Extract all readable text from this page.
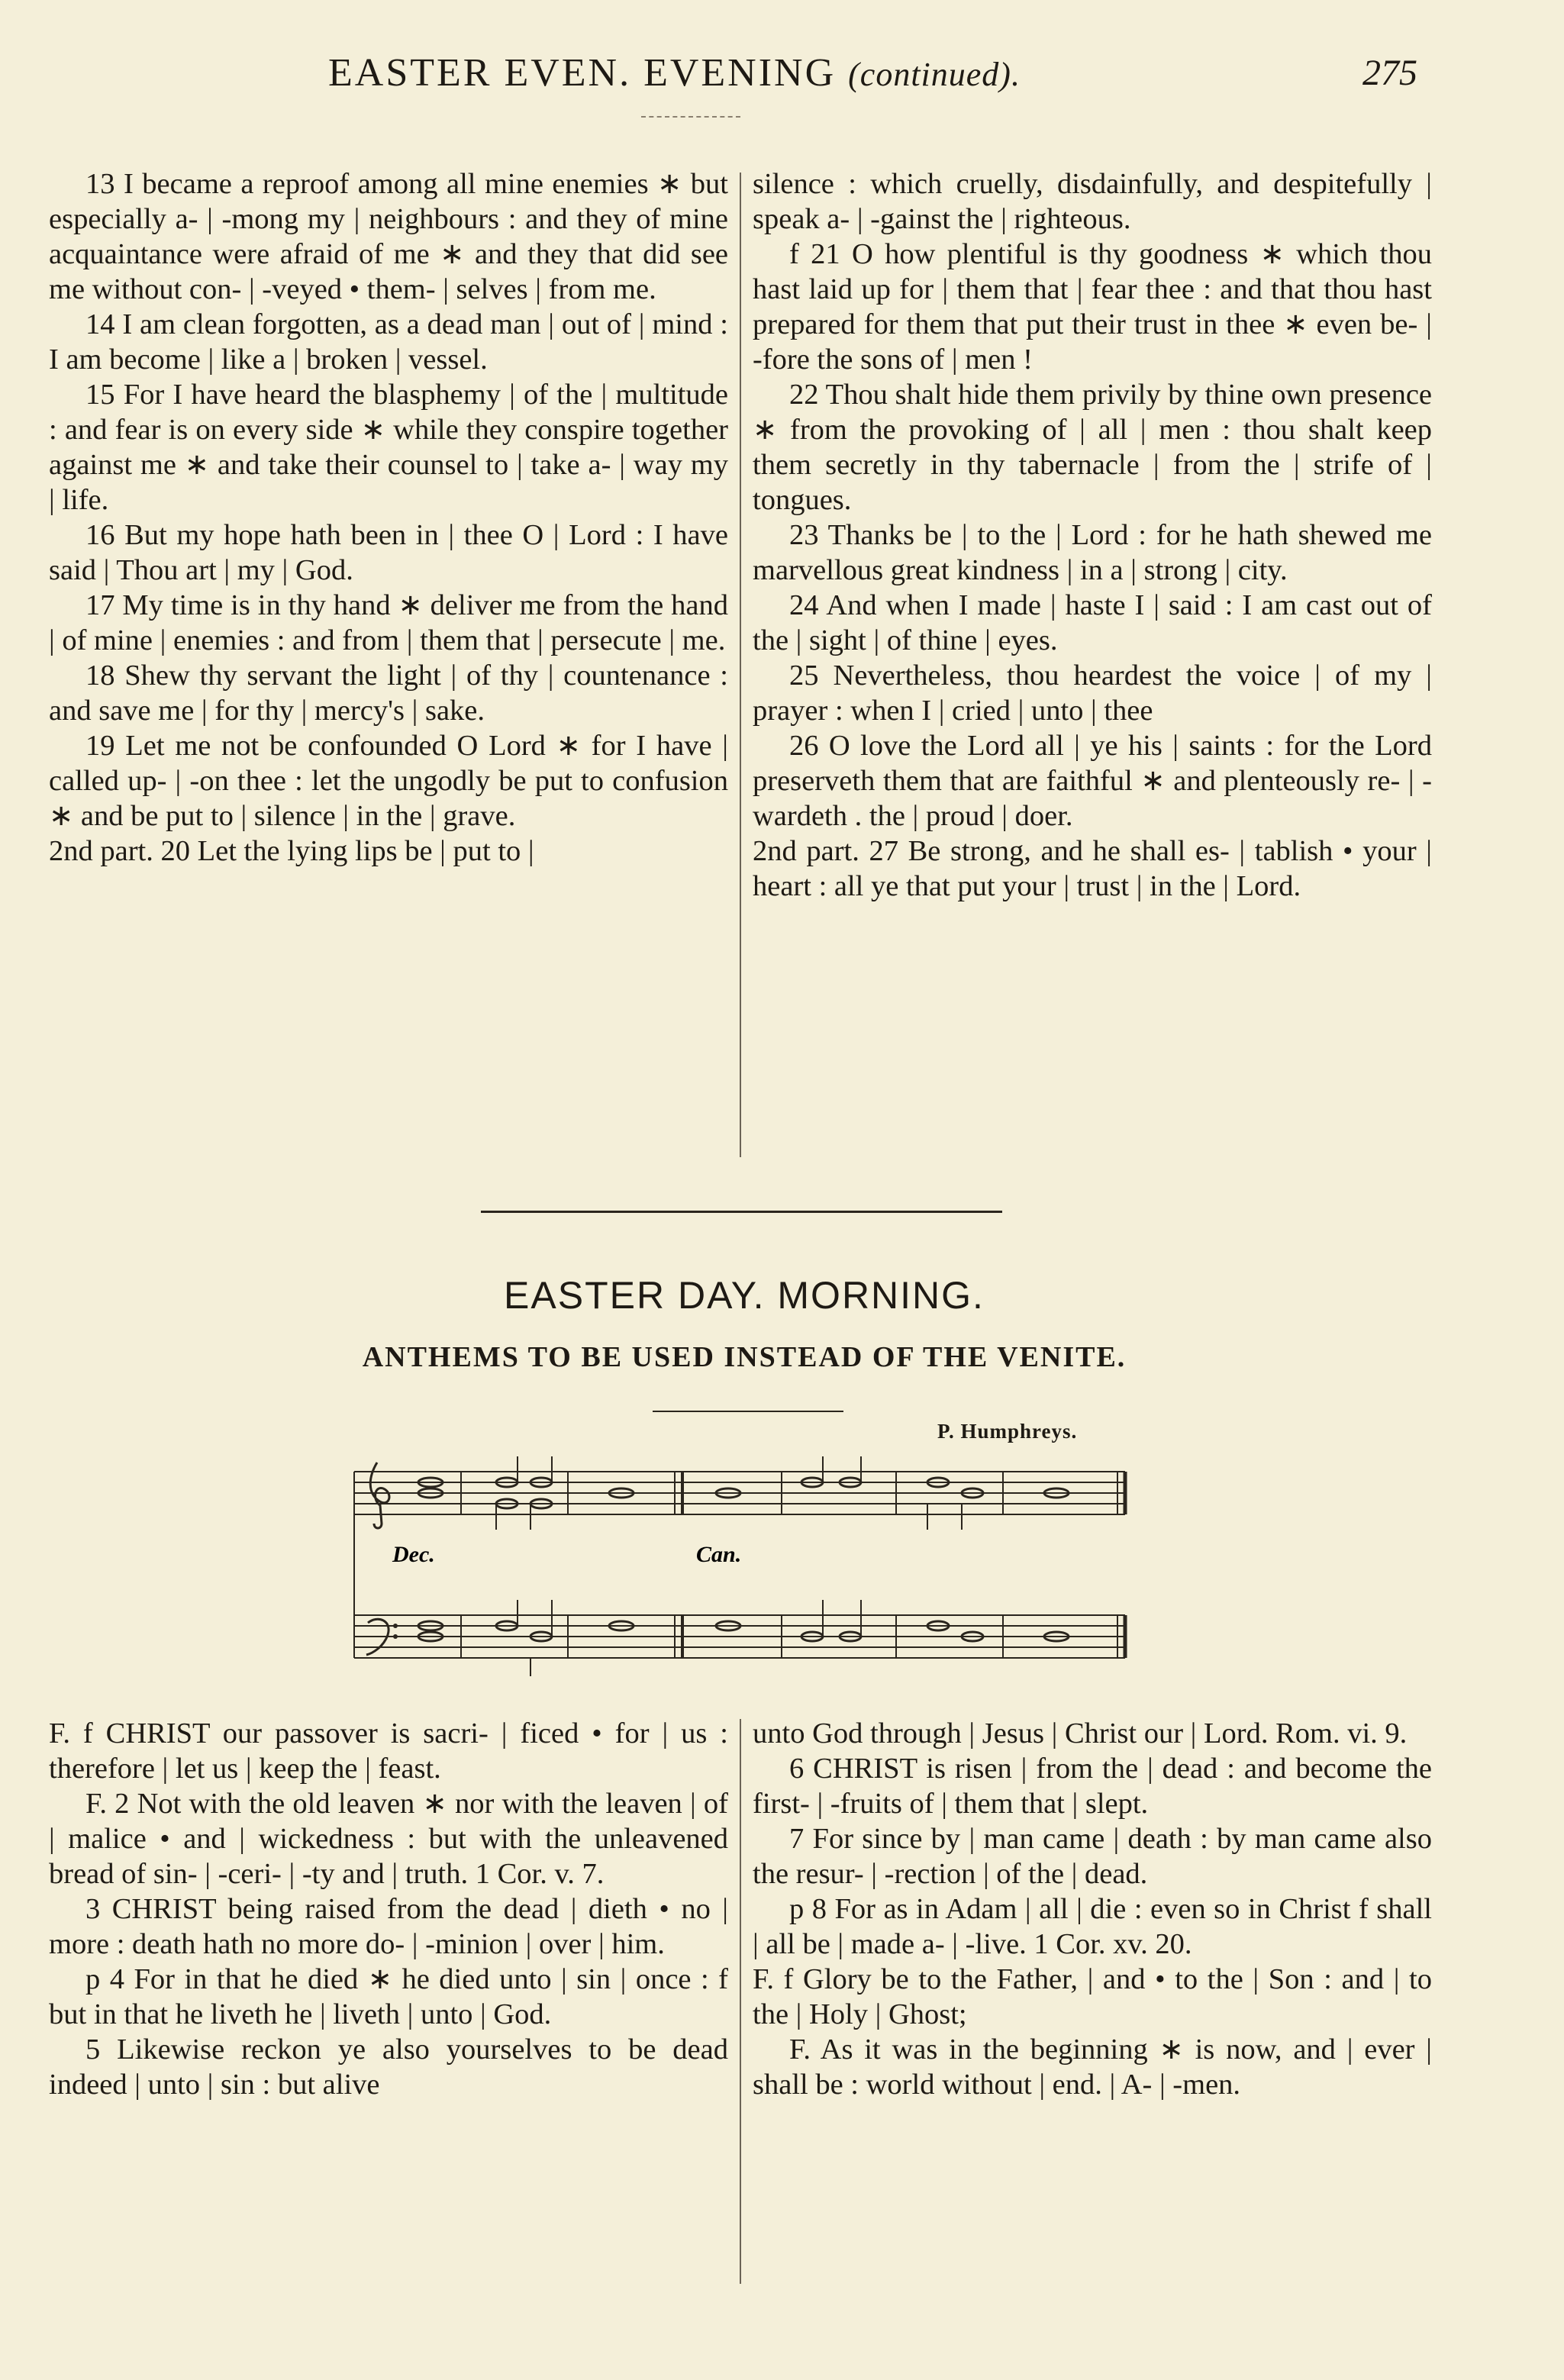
EASTER EVEN. EVENING (continued).	275

13 I became a reproof among all mine enemies ∗ but especially a- | -mong my | neighbours : and they of mine acquaintance were afraid of me ∗ and they that did see me without con- | -veyed • them- | selves | from me.

14 I am clean forgotten, as a dead man | out of | mind : I am become | like a | broken | vessel.

15 For I have heard the blasphemy | of the | multitude : and fear is on every side ∗ while they conspire together against me ∗ and take their counsel to | take a- | way my | life.

16 But my hope hath been in | thee O | Lord : I have said | Thou art | my | God.

17 My time is in thy hand ∗ deliver me from the hand | of mine | enemies : and from | them that | persecute | me.

18 Shew thy servant the light | of thy | countenance : and save me | for thy | mercy's | sake.

19 Let me not be confounded O Lord ∗ for I have | called up- | -on thee : let the ungodly be put to confusion ∗ and be put to | silence | in the | grave.

2nd part. 20 Let the lying lips be | put to |

silence : which cruelly, disdainfully, and despitefully | speak a- | -gainst the | righteous.

f 21 O how plentiful is thy goodness ∗ which thou hast laid up for | them that | fear thee : and that thou hast prepared for them that put their trust in thee ∗ even be- | -fore the sons of | men !

22 Thou shalt hide them privily by thine own presence ∗ from the provoking of | all | men : thou shalt keep them secretly in thy tabernacle | from the | strife of | tongues.

23 Thanks be | to the | Lord : for he hath shewed me marvellous great kindness | in a | strong | city.

24 And when I made | haste I | said : I am cast out of the | sight | of thine | eyes.

25 Nevertheless, thou heardest the voice | of my | prayer : when I | cried | unto | thee

26 O love the Lord all | ye his | saints : for the Lord preserveth them that are faithful ∗ and plenteously re- | -wardeth . the | proud | doer.

2nd part. 27 Be strong, and he shall es- | tablish • your | heart : all ye that put your | trust | in the | Lord.

EASTER DAY. MORNING.
ANTHEMS TO BE USED INSTEAD OF THE VENITE.
P. Humphreys.
Dec.	Can.

F. f CHRIST our passover is sacri- | ficed • for | us : therefore | let us | keep the | feast.

F. 2 Not with the old leaven ∗ nor with the leaven | of | malice • and | wickedness : but with the unleavened bread of sin- | -ceri- | -ty and | truth. 1 Cor. v. 7.

3 CHRIST being raised from the dead | dieth • no | more : death hath no more do- | -minion | over | him.

p 4 For in that he died ∗ he died unto | sin | once : f but in that he liveth he | liveth | unto | God.

5 Likewise reckon ye also yourselves to be dead indeed | unto | sin : but alive

unto God through | Jesus | Christ our | Lord. Rom. vi. 9.

6 CHRIST is risen | from the | dead : and become the first- | -fruits of | them that | slept.

7 For since by | man came | death : by man came also the resur- | -rection | of the | dead.

p 8 For as in Adam | all | die : even so in Christ f shall | all be | made a- | -live. 1 Cor. xv. 20.

F. f Glory be to the Father, | and • to the | Son : and | to the | Holy | Ghost;

F. As it was in the beginning ∗ is now, and | ever | shall be : world without | end. | A- | -men.
